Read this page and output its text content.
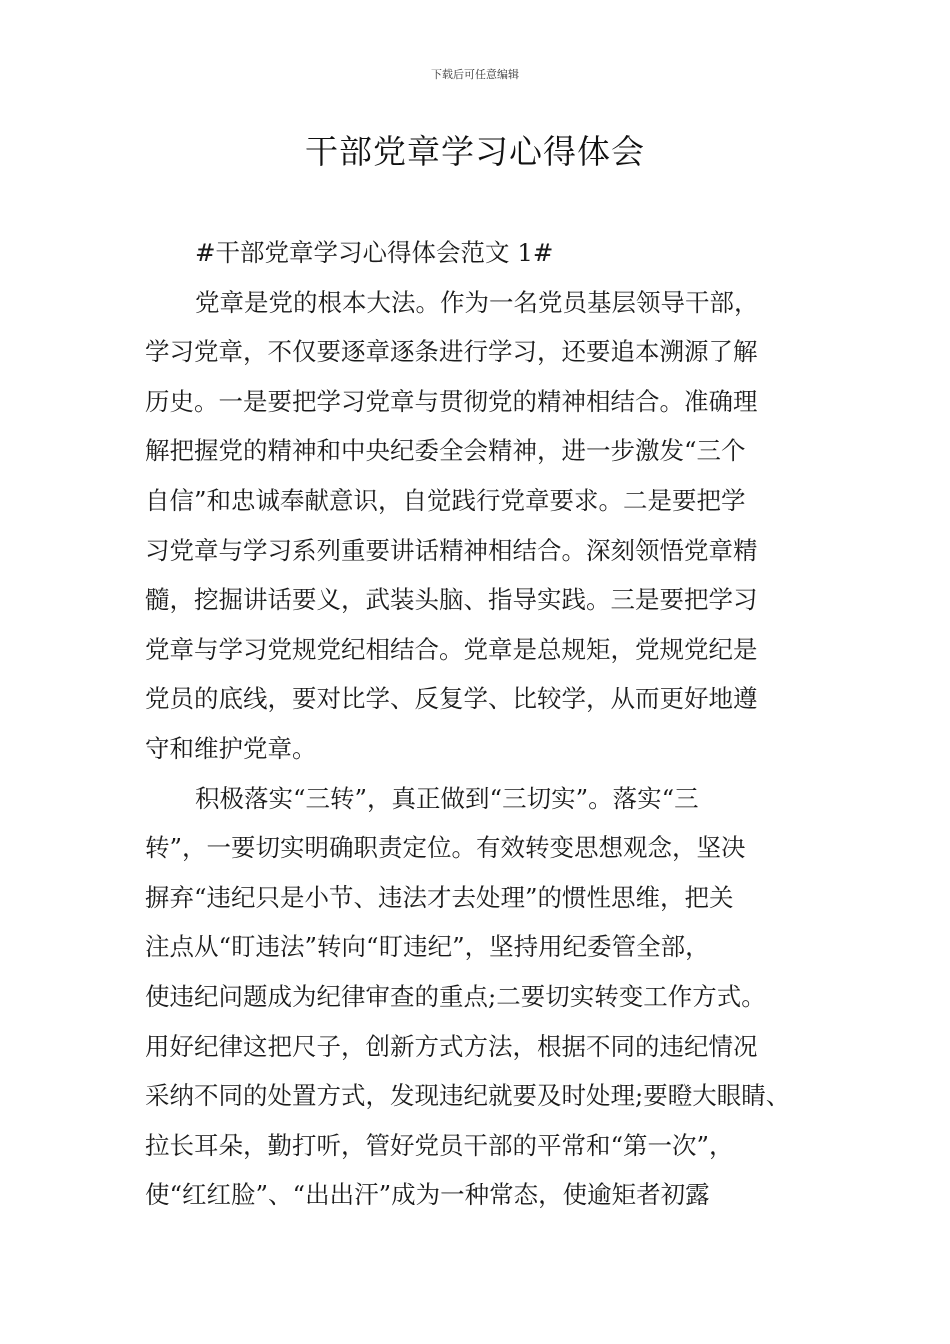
下载后可任意编辑
干部党章学习心得体会
#干部党章学习心得体会范文 1#
党章是党的根本大法。作为一名党员基层领导干部，
学习党章，不仅要逐章逐条进行学习，还要追本溯源了解
历史。一是要把学习党章与贯彻党的精神相结合。准确理
解把握党的精神和中央纪委全会精神，进一步激发“三个
自信”和忠诚奉献意识，自觉践行党章要求。二是要把学
习党章与学习系列重要讲话精神相结合。深刻领悟党章精
髓，挖掘讲话要义，武装头脑、指导实践。三是要把学习
党章与学习党规党纪相结合。党章是总规矩，党规党纪是
党员的底线，要对比学、反复学、比较学，从而更好地遵
守和维护党章。
积极落实“三转”，真正做到“三切实”。落实“三
转”，一要切实明确职责定位。有效转变思想观念，坚决
摒弃“违纪只是小节、违法才去处理”的惯性思维，把关
注点从“盯违法”转向“盯违纪”，坚持用纪委管全部，
使违纪问题成为纪律审查的重点;二要切实转变工作方式。
用好纪律这把尺子，创新方式方法，根据不同的违纪情况
采纳不同的处置方式，发现违纪就要及时处理;要瞪大眼睛、
拉长耳朵，勤打听，管好党员干部的平常和“第一次”，
使“红红脸”、“出出汗”成为一种常态，使逾矩者初露
